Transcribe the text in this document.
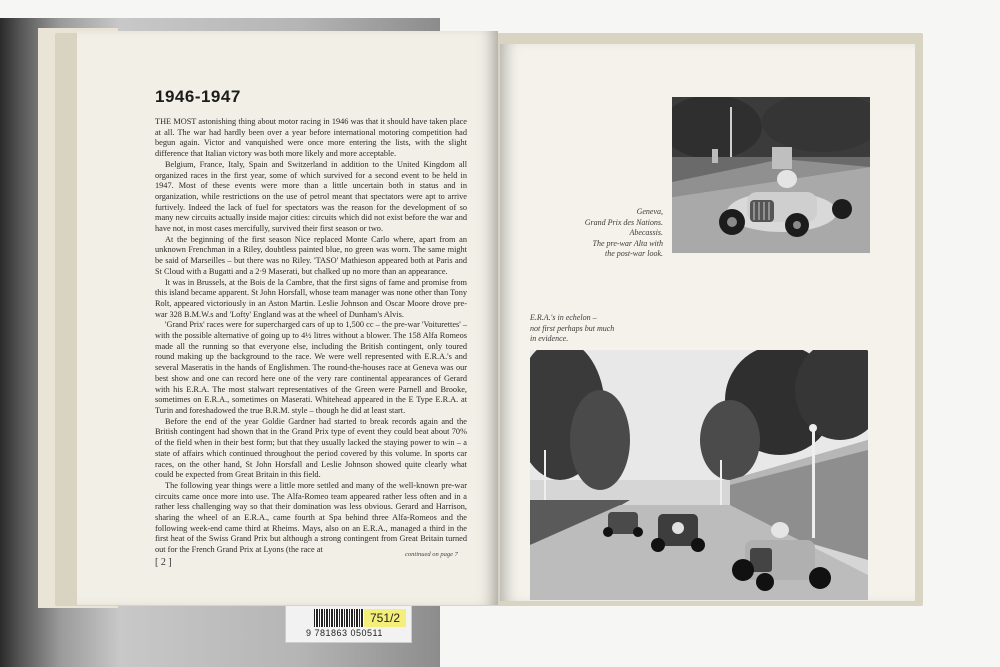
751/2
9 781863 050511
1946-1947

THE MOST astonishing thing about motor racing in 1946 was that it should have taken place at all. The war had hardly been over a year before international motoring competition had begun again. Victor and vanquished were once more entering the lists, with the slight difference that Italian victory was both more likely and more acceptable.

Belgium, France, Italy, Spain and Switzerland in addition to the United Kingdom all organized races in the first year, some of which survived for a second event to be held in 1947. Most of these events were more than a little uncertain both in status and in organization, while restrictions on the use of petrol meant that spectators were apt to arrive furtively. Indeed the lack of fuel for spectators was the reason for the development of so many new circuits actually inside major cities: circuits which did not exist before the war and have not, in most cases mercifully, survived their first season or two.

At the beginning of the first season Nice replaced Monte Carlo where, apart from an unknown Frenchman in a Riley, doubtless painted blue, no green was worn. The same might be said of Marseilles – but there was no Riley. 'TASO' Mathieson appeared both at Paris and St Cloud with a Bugatti and a 2·9 Maserati, but chalked up no more than an appearance.

It was in Brussels, at the Bois de la Cambre, that the first signs of fame and promise from this island became apparent. St John Horsfall, whose team manager was none other than Tony Rolt, appeared victoriously in an Aston Martin. Leslie Johnson and Oscar Moore drove pre-war 328 B.M.W.s and 'Lofty' England was at the wheel of Dunham's Alvis.

'Grand Prix' races were for supercharged cars of up to 1,500 cc – the pre-war 'Voiturettes' – with the possible alternative of going up to 4½ litres without a blower. The 158 Alfa Romeos made all the running so that everyone else, including the British contingent, only toured round making up the background to the race. We were well represented with E.R.A.'s and several Maseratis in the hands of Englishmen. The round-the-houses race at Geneva was our best show and one can record here one of the very rare continental appearances of Gerard with his E.R.A. The most stalwart representatives of the Green were Parnell and Brooke, sometimes on E.R.A., sometimes on Maserati. Whitehead appeared in the E Type E.R.A. at Turin and foreshadowed the true B.R.M. style – though he did at least start.

Before the end of the year Goldie Gardner had started to break records again and the British contingent had shown that in the Grand Prix type of event they could beat about 70% of the field when in their best form; but that they usually lacked the staying power to win – a state of affairs which continued throughout the period covered by this volume. In sports car races, on the other hand, St John Horsfall and Leslie Johnson showed quite clearly what could be expected from Great Britain in this field.

The following year things were a little more settled and many of the well-known pre-war circuits came once more into use. The Alfa-Romeo team appeared rather less often and in a rather less challenging way so that their domination was less obvious. Gerard and Harrison, sharing the wheel of an E.R.A., came fourth at Spa behind three Alfa-Romeos and the following week-end came third at Rheims. Mays, also on an E.R.A., managed a third in the first heat of the Swiss Grand Prix but although a strong contingent from Great Britain turned out for the French Grand Prix at Lyons (the race at

continued on page 7
[ 2 ]
Geneva,
Grand Prix des Nations.
Abecassis.
The pre-war Alta with
the post-war look.
E.R.A.'s in echelon –
not first perhaps but much
in evidence.
